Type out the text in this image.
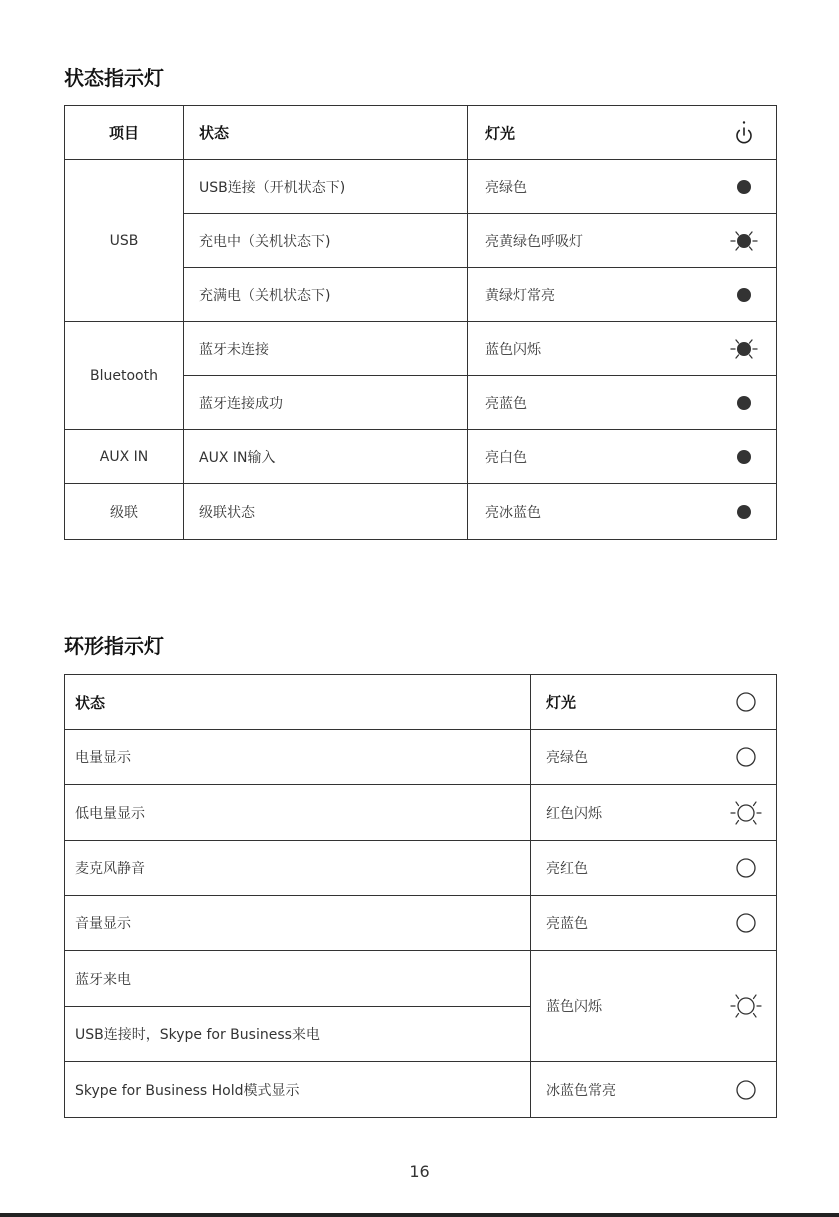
状态指示灯
项目	状态	灯光

USB	USB连接（开机状态下)	亮绿色

	充电中（关机状态下)	亮黄绿色呼吸灯

	充满电（关机状态下)	黄绿灯常亮

Bluetooth	蓝牙未连接	蓝色闪烁

	蓝牙连接成功	亮蓝色

AUX IN	AUX IN输入	亮白色

级联	级联状态	亮冰蓝色
环形指示灯
状态	灯光

电量显示	亮绿色

低电量显示	红色闪烁

麦克风静音	亮红色

音量显示	亮蓝色

蓝牙来电	蓝色闪烁

USB连接时，Skype for Business来电	
Skype for Business Hold模式显示	冰蓝色常亮
16
